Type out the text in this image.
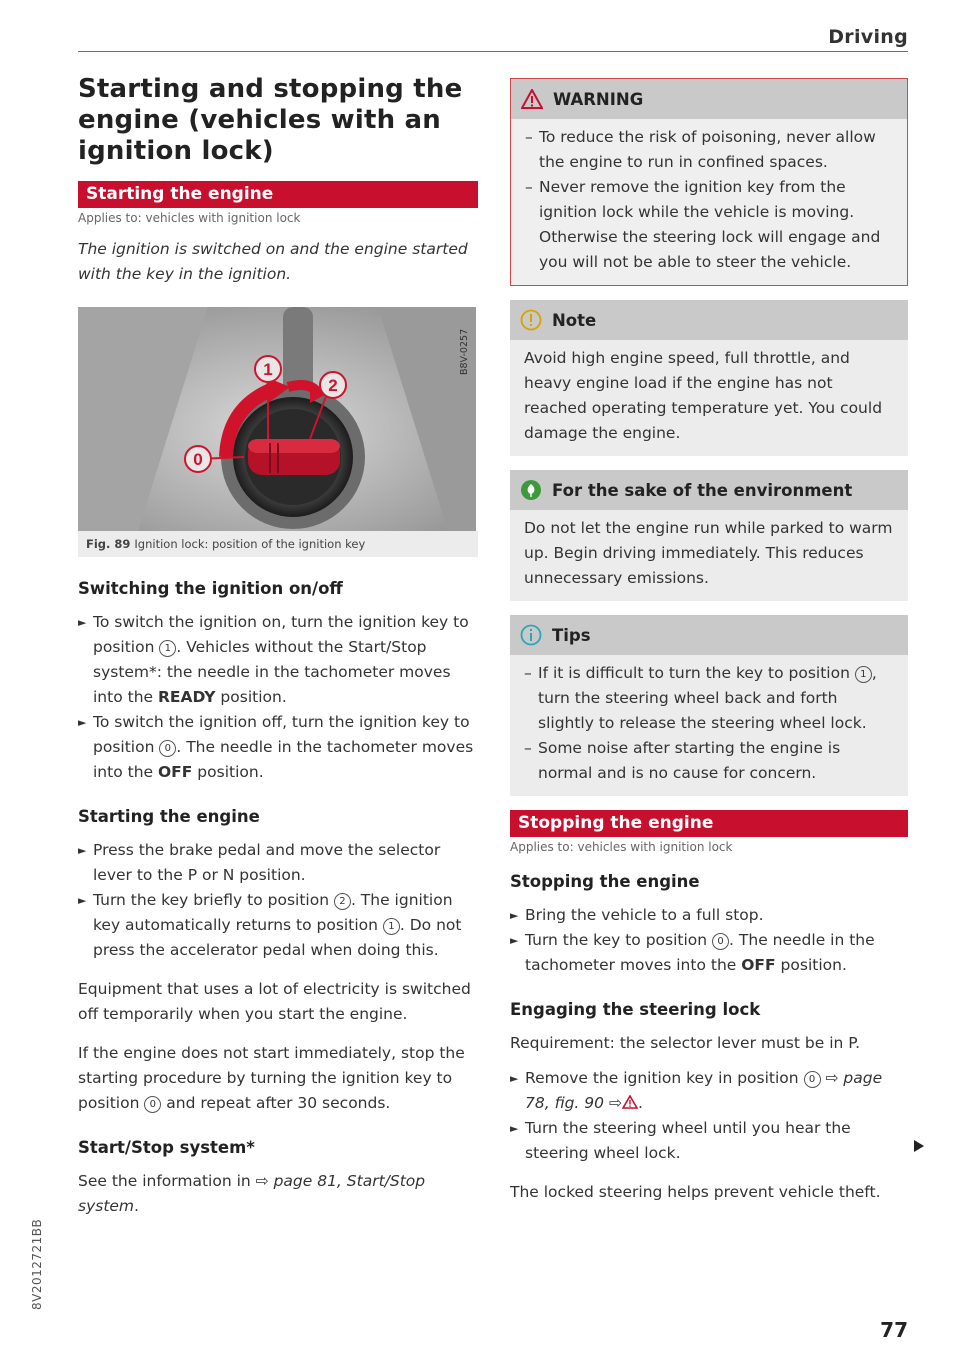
Driving
Starting and stopping the engine (vehicles with an ignition lock)
Starting the engine
Applies to: vehicles with ignition lock
The ignition is switched on and the engine started with the key in the ignition.
1
2
0
B8V-0257
Fig. 89 Ignition lock: position of the ignition key
Switching the ignition on/off
► To switch the ignition on, turn the ignition key to position 1 . Vehicles without the Start/Stop system*: the needle in the tachometer moves into the READY position.
► To switch the ignition off, turn the ignition key to position 0 . The needle in the tachometer moves into the OFF position.
Starting the engine
► Press the brake pedal and move the selector lever to the P or N position.
► Turn the key briefly to position 2 . The ignition key automatically returns to position 1 . Do not press the accelerator pedal when doing this.

Equipment that uses a lot of electricity is switched off temporarily when you start the engine.

If the engine does not start immediately, stop the starting procedure by turning the ignition key to position 0 and repeat after 30 seconds.

Start/Stop system*

See the information in ⇨ page 81, Start/Stop system.

WARNING
– To reduce the risk of poisoning, never allow the engine to run in confined spaces.
– Never remove the ignition key from the ignition lock while the vehicle is moving. Otherwise the steering lock will engage and you will not be able to steer the vehicle.
Note
Avoid high engine speed, full throttle, and heavy engine load if the engine has not reached operating temperature yet. You could damage the engine.
For the sake of the environment
Do not let the engine run while parked to warm up. Begin driving immediately. This reduces unnecessary emissions.
Tips
– If it is difficult to turn the key to position 1 , turn the steering wheel back and forth slightly to release the steering wheel lock.
– Some noise after starting the engine is normal and is no cause for concern.
Stopping the engine
Applies to: vehicles with ignition lock
Stopping the engine
► Bring the vehicle to a full stop.
► Turn the key to position 0 . The needle in the tachometer moves into the OFF position.
Engaging the steering lock

Requirement: the selector lever must be in P.

► Remove the ignition key in position 0 ⇨ page 78, fig. 90 ⇨ .
► Turn the steering wheel until you hear the steering wheel lock.

The locked steering helps prevent vehicle theft.

8V2012721BB
77
